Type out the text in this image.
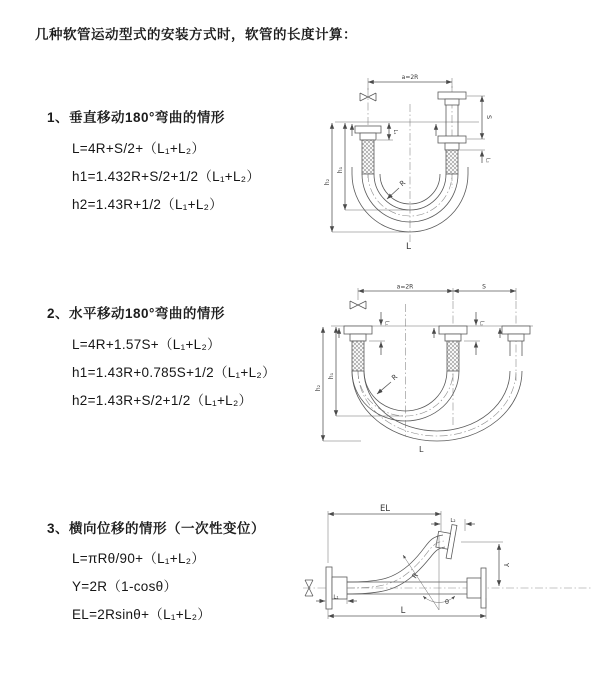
几种软管运动型式的安装方式时，软管的长度计算：
1、垂直移动180°弯曲的情形
L=4R+S/2+（L₁+L₂）
h1=1.432R+S/2+1/2（L₁+L₂）
h2=1.43R+1/2（L₁+L₂）
2、水平移动180°弯曲的情形
L=4R+1.57S+（L₁+L₂）
h1=1.43R+0.785S+1/2（L₁+L₂）
h2=1.43R+S/2+1/2（L₁+L₂）
3、横向位移的情形（一次性变位）
L=πRθ/90+（L₁+L₂）
Y=2R（1-cosθ）
EL=2Rsinθ+（L₁+L₂）
a=2R
L₁
S
L₂
h₁
h₂	R
L
a=2R	S
L₁	L₂
h₁
h₂
R
L
EL
L₂
Y
L
L₁
R
θ
